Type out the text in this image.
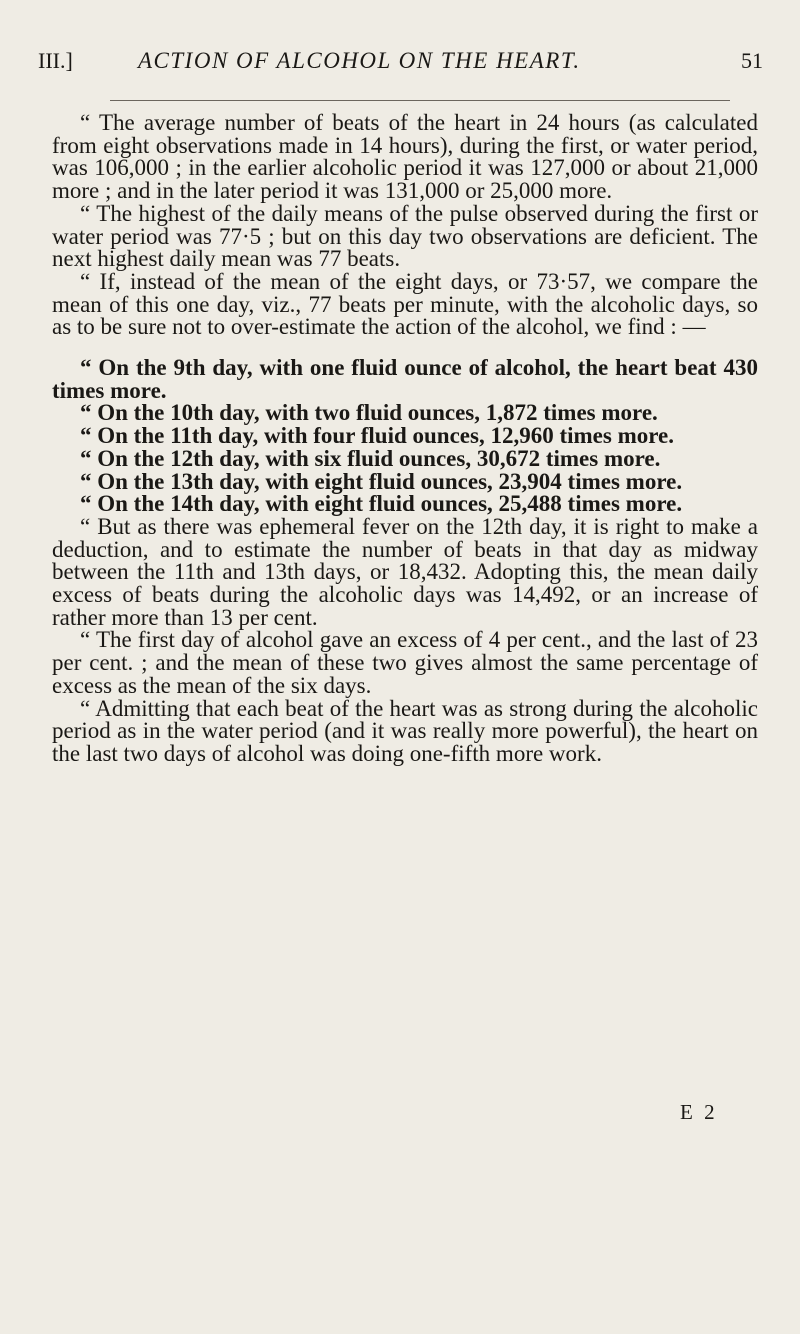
III.]	ACTION OF ALCOHOL ON THE HEART.	51

“ The average number of beats of the heart in 24 hours (as calculated from eight observations made in 14 hours), during the first, or water period, was 106,000 ; in the earlier alcoholic period it was 127,000 or about 21,000 more ; and in the later period it was 131,000 or 25,000 more.

“ The highest of the daily means of the pulse observed during the first or water period was 77·5 ; but on this day two observations are deficient. The next highest daily mean was 77 beats.

“ If, instead of the mean of the eight days, or 73·57, we compare the mean of this one day, viz., 77 beats per minute, with the alcoholic days, so as to be sure not to over-estimate the action of the alcohol, we find : —

“ On the 9th day, with one fluid ounce of alcohol, the heart beat 430 times more.

“ On the 10th day, with two fluid ounces, 1,872 times more.

“ On the 11th day, with four fluid ounces, 12,960 times more.

“ On the 12th day, with six fluid ounces, 30,672 times more.

“ On the 13th day, with eight fluid ounces, 23,904 times more.

“ On the 14th day, with eight fluid ounces, 25,488 times more.

“ But as there was ephemeral fever on the 12th day, it is right to make a deduction, and to estimate the number of beats in that day as midway between the 11th and 13th days, or 18,432. Adopting this, the mean daily excess of beats during the alcoholic days was 14,492, or an increase of rather more than 13 per cent.

“ The first day of alcohol gave an excess of 4 per cent., and the last of 23 per cent. ; and the mean of these two gives almost the same percentage of excess as the mean of the six days.

“ Admitting that each beat of the heart was as strong during the alcoholic period as in the water period (and it was really more powerful), the heart on the last two days of alcohol was doing one-fifth more work.

E 2
